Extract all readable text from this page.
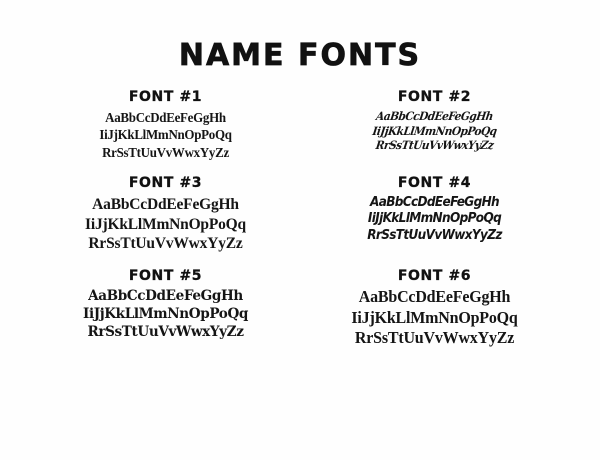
NAME FONTS
FONT #1
AaBbCcDdEeFeGgHh
IiJjKkLlMmNnOpPoQq
RrSsTtUuVvWwxYyZz
FONT #2
AaBbCcDdEeFeGgHh
IiJjKkLlMmNnOpPoQq
RrSsTtUuVvWwxYyZz
FONT #3
AaBbCcDdEeFeGgHh
IiJjKkLlMmNnOpPoQq
RrSsTtUuVvWwxYyZz
FONT #4
AaBbCcDdEeFeGgHh
IiJjKkLlMmNnOpPoQq
RrSsTtUuVvWwxYyZz
FONT #5
AaBbCcDdEeFeGgHh
IiJjKkLlMmNnOpPoQq
RrSsTtUuVvWwxYyZz
FONT #6
AaBbCcDdEeFeGgHh
IiJjKkLlMmNnOpPoQq
RrSsTtUuVvWwxYyZz
